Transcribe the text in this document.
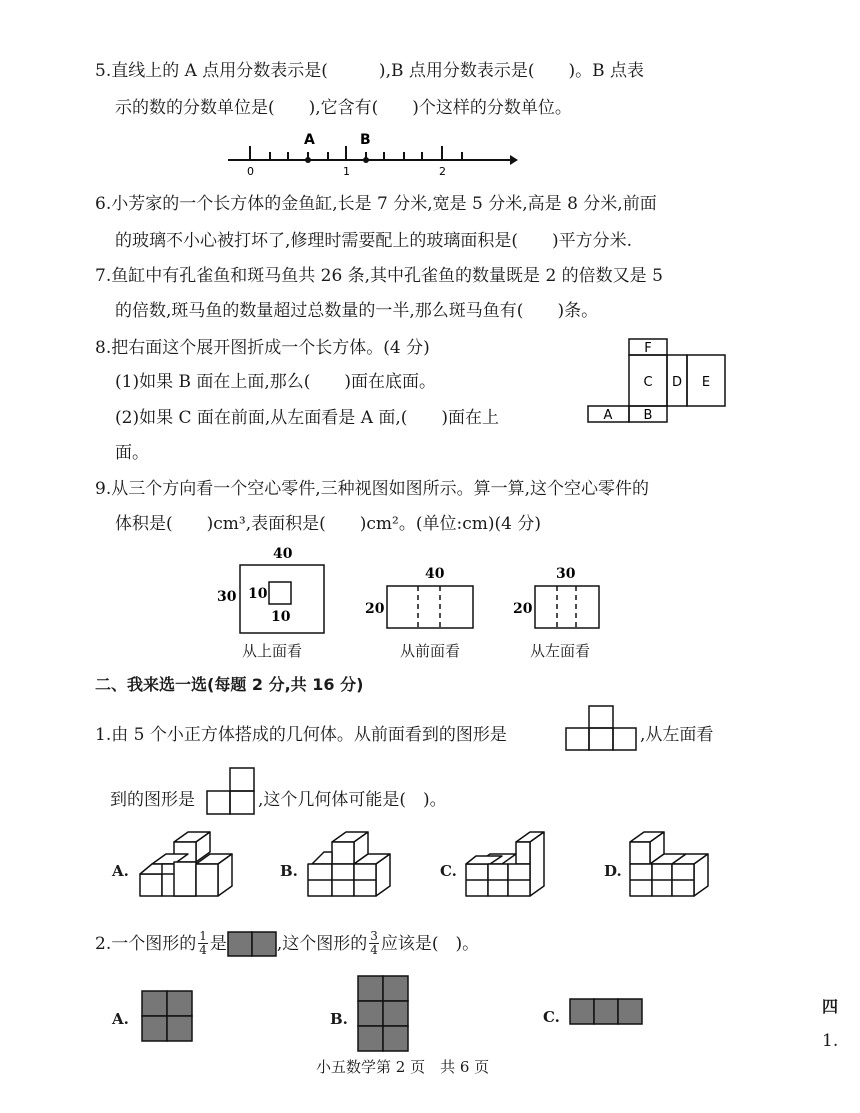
5.直线上的 A 点用分数表示是(　　　),B 点用分数表示是(　　)。B 点表
示的数的分数单位是(　　),它含有(　　)个这样的分数单位。
A	B
0	1	2
6.小芳家的一个长方体的金鱼缸,长是 7 分米,宽是 5 分米,高是 8 分米,前面
的玻璃不小心被打坏了,修理时需要配上的玻璃面积是(　　)平方分米.
7.鱼缸中有孔雀鱼和斑马鱼共 26 条,其中孔雀鱼的数量既是 2 的倍数又是 5
的倍数,斑马鱼的数量超过总数量的一半,那么斑马鱼有(　　)条。
8.把右面这个展开图折成一个长方体。(4 分)
(1)如果 B 面在上面,那么(　　)面在底面。
(2)如果 C 面在前面,从左面看是 A 面,(　　)面在上
面。
F
C D E
A B
9.从三个方向看一个空心零件,三种视图如图所示。算一算,这个空心零件的
体积是(　　)cm³,表面积是(　　)cm²。(单位:cm)(4 分)
40
30 10
10
从上面看
40
20
从前面看
30
20
从左面看
二、我来选一选(每题 2 分,共 16 分)
1.由 5 个小正方体搭成的几何体。从前面看到的图形是	,从左面看
到的图形是	,这个几何体可能是(　)。
A.	B.	C.	D.
2.一个图形的 $\frac{1}{4}$ 是	,这个图形的 $\frac{3}{4}$ 应该是(　)。
A.	B.	C.
四
1.
小五数学第 2 页　共 6 页
